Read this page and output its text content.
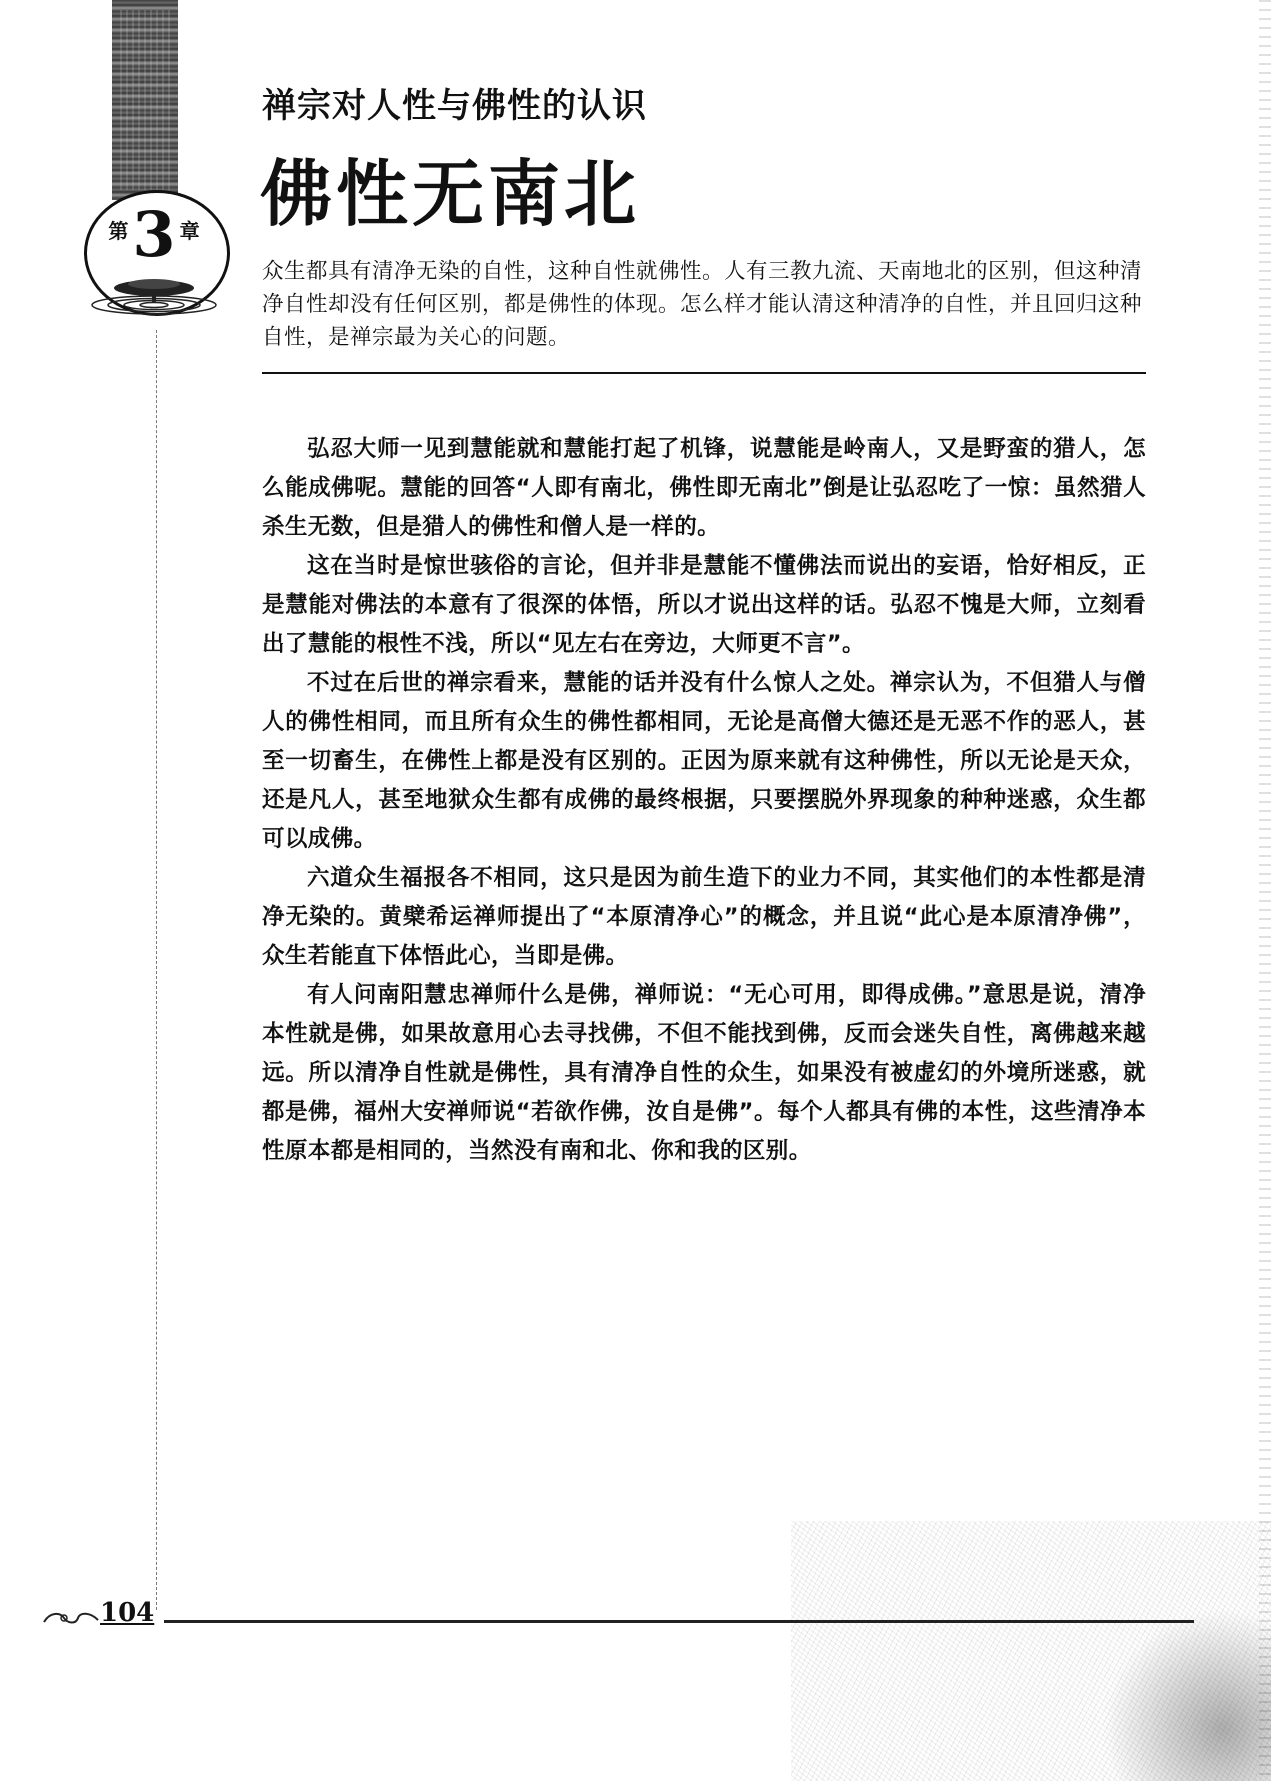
第3 章
禅宗对人性与佛性的认识
佛性无南北

众生都具有清净无染的自性，这种自性就佛性。人有三教九流、天南地北的区别，但这种清净自性却没有任何区别，都是佛性的体现。怎么样才能认清这种清净的自性，并且回归这种自性，是禅宗最为关心的问题。

弘忍大师一见到慧能就和慧能打起了机锋，说慧能是岭南人，又是野蛮的猎人，怎么能成佛呢。慧能的回答“人即有南北，佛性即无南北”倒是让弘忍吃了一惊：虽然猎人杀生无数，但是猎人的佛性和僧人是一样的。

这在当时是惊世骇俗的言论，但并非是慧能不懂佛法而说出的妄语，恰好相反，正是慧能对佛法的本意有了很深的体悟，所以才说出这样的话。弘忍不愧是大师，立刻看出了慧能的根性不浅，所以“见左右在旁边，大师更不言”。

不过在后世的禅宗看来，慧能的话并没有什么惊人之处。禅宗认为，不但猎人与僧人的佛性相同，而且所有众生的佛性都相同，无论是高僧大德还是无恶不作的恶人，甚至一切畜生，在佛性上都是没有区别的。正因为原来就有这种佛性，所以无论是天众，还是凡人，甚至地狱众生都有成佛的最终根据，只要摆脱外界现象的种种迷惑，众生都可以成佛。

六道众生福报各不相同，这只是因为前生造下的业力不同，其实他们的本性都是清净无染的。黄檗希运禅师提出了“本原清净心”的概念，并且说“此心是本原清净佛”，众生若能直下体悟此心，当即是佛。

有人问南阳慧忠禅师什么是佛，禅师说：“无心可用，即得成佛。”意思是说，清净本性就是佛，如果故意用心去寻找佛，不但不能找到佛，反而会迷失自性，离佛越来越远。所以清净自性就是佛性，具有清净自性的众生，如果没有被虚幻的外境所迷惑，就都是佛，福州大安禅师说“若欲作佛，汝自是佛”。每个人都具有佛的本性，这些清净本性原本都是相同的，当然没有南和北、你和我的区别。

104
